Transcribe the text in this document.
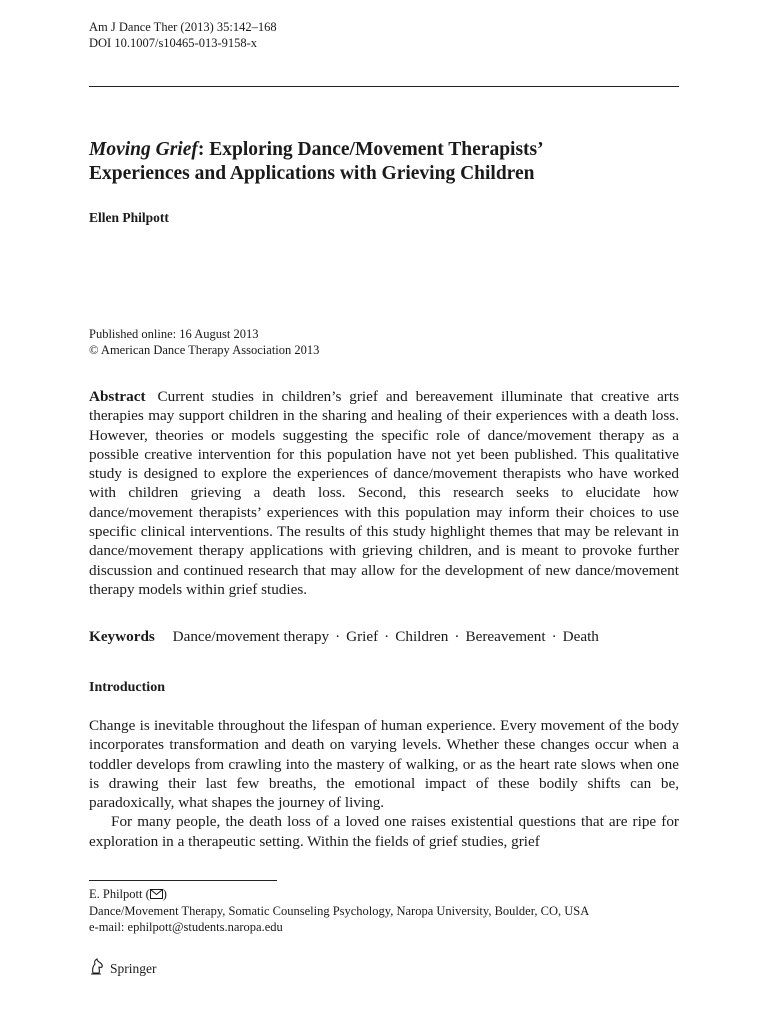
Am J Dance Ther (2013) 35:142–168
DOI 10.1007/s10465-013-9158-x
Moving Grief: Exploring Dance/Movement Therapists’
Experiences and Applications with Grieving Children
Ellen Philpott
Published online: 16 August 2013
© American Dance Therapy Association 2013
Abstract Current studies in children’s grief and bereavement illuminate that creative arts therapies may support children in the sharing and healing of their experiences with a death loss. However, theories or models suggesting the specific role of dance/movement therapy as a possible creative intervention for this population have not yet been published. This qualitative study is designed to explore the experiences of dance/movement therapists who have worked with children grieving a death loss. Second, this research seeks to elucidate how dance/movement therapists’ experiences with this population may inform their choices to use specific clinical interventions. The results of this study highlight themes that may be relevant in dance/movement therapy applications with grieving children, and is meant to provoke further discussion and continued research that may allow for the development of new dance/movement therapy models within grief studies.
Keywords Dance/movement therapy · Grief · Children · Bereavement · Death
Introduction

Change is inevitable throughout the lifespan of human experience. Every movement of the body incorporates transformation and death on varying levels. Whether these changes occur when a toddler develops from crawling into the mastery of walking, or as the heart rate slows when one is drawing their last few breaths, the emotional impact of these bodily shifts can be, paradoxically, what shapes the journey of living.

For many people, the death loss of a loved one raises existential questions that are ripe for exploration in a therapeutic setting. Within the fields of grief studies, grief

E. Philpott ( )
Dance/Movement Therapy, Somatic Counseling Psychology, Naropa University, Boulder, CO, USA
e-mail: ephilpott@students.naropa.edu
Springer
